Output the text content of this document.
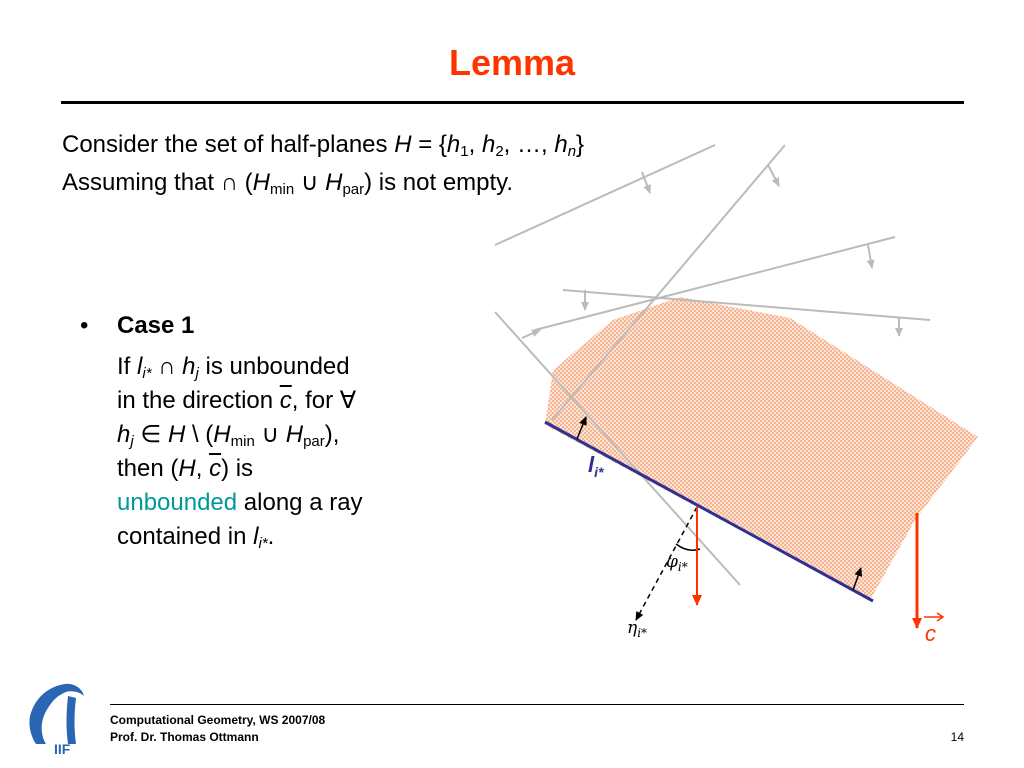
Lemma
Consider the set of half-planes $H = \{h_1$, $h_2$, …, $h_n$}
Assuming that ∩ ($H_{min}$ ∪ $H_{par}$) is not empty.
• Case 1
If $l_{i*}$ ∩ $h_j$ is unbounded
in the direction $\overline{c}$, for ∀
$h_j$ ∈ H \ ($H_{min}$ ∪ $H_{par}$),
then (H, $\overline{c}$) is
unbounded along a ray
contained in $l_{i*}$.
$l_{i*}$
$\varphi_{i*}$
$\eta_{i*}$	c
IIF
Computational Geometry, WS 2007/08
Prof. Dr. Thomas Ottmann	14
